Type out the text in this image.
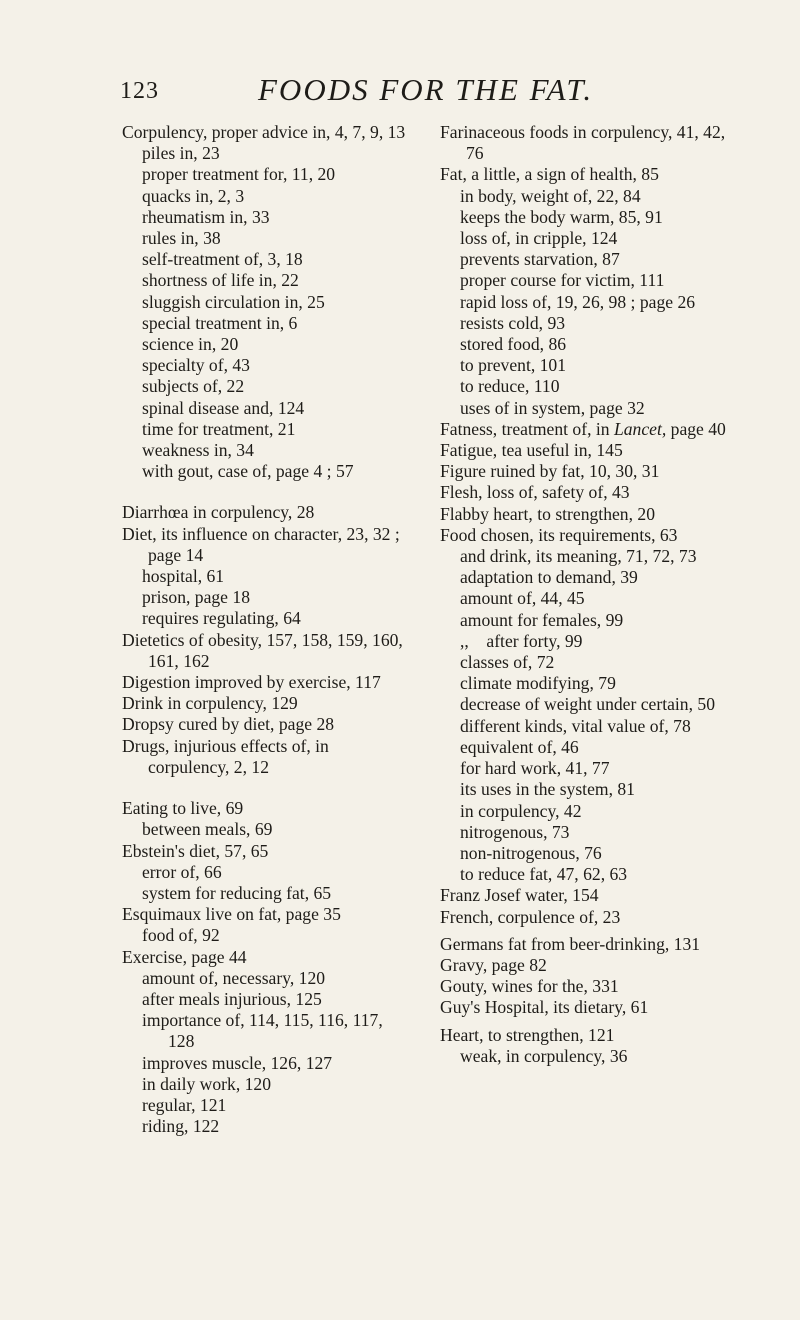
123	FOODS FOR THE FAT.

Corpulency, proper advice in, 4, 7, 9, 13

piles in, 23

proper treatment for, 11, 20

quacks in, 2, 3

rheumatism in, 33

rules in, 38

self-treatment of, 3, 18

shortness of life in, 22

sluggish circulation in, 25

special treatment in, 6

science in, 20

specialty of, 43

subjects of, 22

spinal disease and, 124

time for treatment, 21

weakness in, 34

with gout, case of, page 4 ; 57

Diarrhœa in corpulency, 28

Diet, its influence on character, 23, 32 ; page 14

hospital, 61

prison, page 18

requires regulating, 64

Dietetics of obesity, 157, 158, 159, 160, 161, 162

Digestion improved by exercise, 117

Drink in corpulency, 129

Dropsy cured by diet, page 28

Drugs, injurious effects of, in corpulency, 2, 12

Eating to live, 69

between meals, 69

Ebstein's diet, 57, 65

error of, 66

system for reducing fat, 65

Esquimaux live on fat, page 35

food of, 92

Exercise, page 44

amount of, necessary, 120

after meals injurious, 125

importance of, 114, 115, 116, 117, 128

improves muscle, 126, 127

in daily work, 120

regular, 121

riding, 122

Farinaceous foods in corpulency, 41, 42, 76

Fat, a little, a sign of health, 85

in body, weight of, 22, 84

keeps the body warm, 85, 91

loss of, in cripple, 124

prevents starvation, 87

proper course for victim, 111

rapid loss of, 19, 26, 98 ; page 26

resists cold, 93

stored food, 86

to prevent, 101

to reduce, 110

uses of in system, page 32

Fatness, treatment of, in Lancet, page 40

Fatigue, tea useful in, 145

Figure ruined by fat, 10, 30, 31

Flesh, loss of, safety of, 43

Flabby heart, to strengthen, 20

Food chosen, its requirements, 63

and drink, its meaning, 71, 72, 73

adaptation to demand, 39

amount of, 44, 45

amount for females, 99

,,    after forty, 99

classes of, 72

climate modifying, 79

decrease of weight under certain, 50

different kinds, vital value of, 78

equivalent of, 46

for hard work, 41, 77

its uses in the system, 81

in corpulency, 42

nitrogenous, 73

non-nitrogenous, 76

to reduce fat, 47, 62, 63

Franz Josef water, 154

French, corpulence of, 23

Germans fat from beer-drinking, 131

Gravy, page 82

Gouty, wines for the, 331

Guy's Hospital, its dietary, 61

Heart, to strengthen, 121

weak, in corpulency, 36
